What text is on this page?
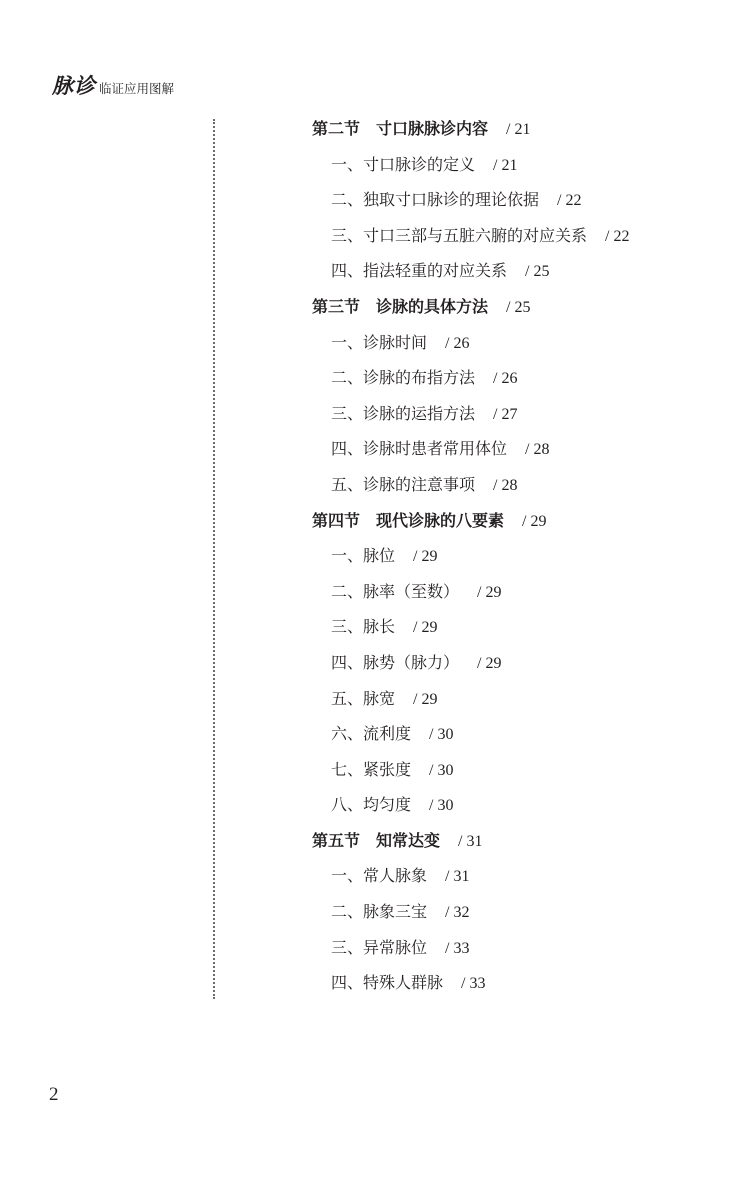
脉诊 临证应用图解
第二节 寸口脉脉诊内容 / 21
一、寸口脉诊的定义 / 21
二、独取寸口脉诊的理论依据 / 22
三、寸口三部与五脏六腑的对应关系 / 22
四、指法轻重的对应关系 / 25
第三节 诊脉的具体方法 / 25
一、诊脉时间 / 26
二、诊脉的布指方法 / 26
三、诊脉的运指方法 / 27
四、诊脉时患者常用体位 / 28
五、诊脉的注意事项 / 28
第四节 现代诊脉的八要素 / 29
一、脉位 / 29
二、脉率（至数） / 29
三、脉长 / 29
四、脉势（脉力） / 29
五、脉宽 / 29
六、流利度 / 30
七、紧张度 / 30
八、均匀度 / 30
第五节 知常达变 / 31
一、常人脉象 / 31
二、脉象三宝 / 32
三、异常脉位 / 33
四、特殊人群脉 / 33
2
